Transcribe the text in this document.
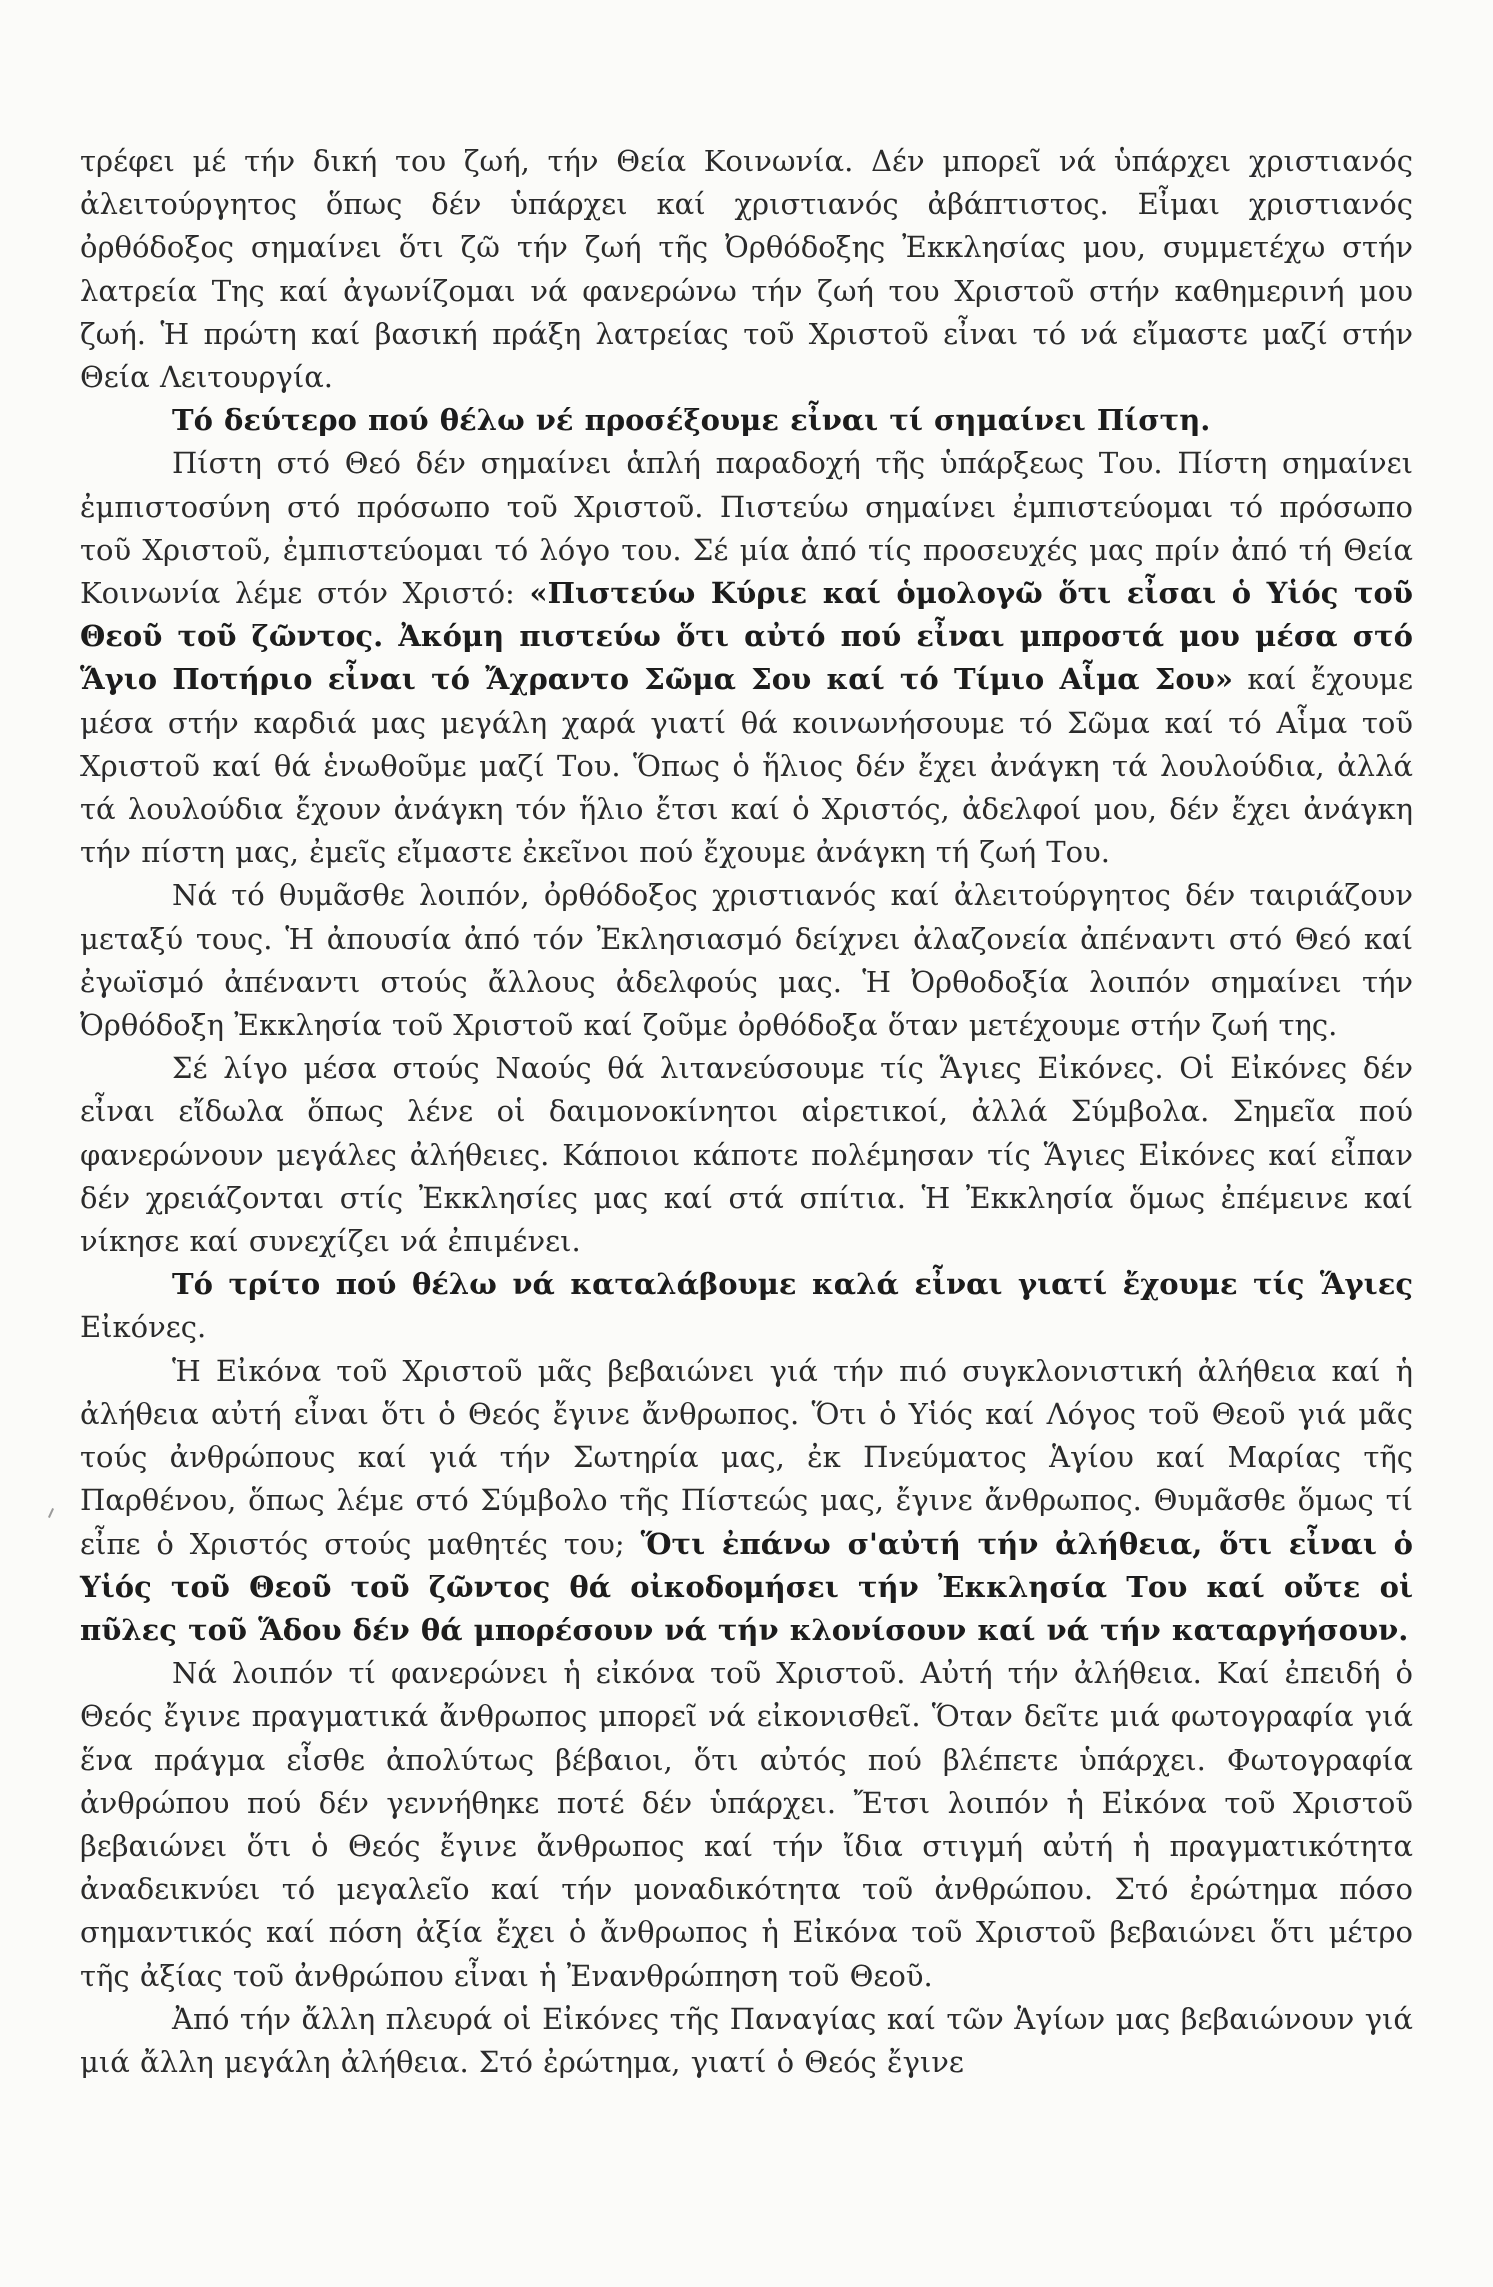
τρέφει μέ τήν δική του ζωή, τήν Θεία Κοινωνία. Δέν μπορεῖ νά ὑπάρχει χριστιανός ἀλειτούργητος ὅπως δέν ὑπάρχει καί χριστιανός ἀβάπτιστος. Εἶμαι χριστιανός ὀρθόδοξος σημαίνει ὅτι ζῶ τήν ζωή τῆς Ὀρθόδοξης Ἐκκλησίας μου, συμμετέχω στήν λατρεία Της καί ἀγωνίζομαι νά φανερώνω τήν ζωή του Χριστοῦ στήν καθημερινή μου ζωή. Ἡ πρώτη καί βασική πράξη λατρείας τοῦ Χριστοῦ εἶναι τό νά εἴμαστε μαζί στήν Θεία Λειτουργία.

Τό δεύτερο πού θέλω νέ προσέξουμε εἶναι τί σημαίνει Πίστη.

Πίστη στό Θεό δέν σημαίνει ἁπλή παραδοχή τῆς ὑπάρξεως Του. Πίστη σημαίνει ἐμπιστοσύνη στό πρόσωπο τοῦ Χριστοῦ. Πιστεύω σημαίνει ἐμπιστεύομαι τό πρόσωπο τοῦ Χριστοῦ, ἐμπιστεύομαι τό λόγο του. Σέ μία ἀπό τίς προσευχές μας πρίν ἀπό τή Θεία Κοινωνία λέμε στόν Χριστό: «Πιστεύω Κύριε καί ὁμολογῶ ὅτι εἶσαι ὁ Υἱός τοῦ Θεοῦ τοῦ ζῶντος. Ἀκόμη πιστεύω ὅτι αὐτό πού εἶναι μπροστά μου μέσα στό Ἅγιο Ποτήριο εἶναι τό Ἄχραντο Σῶμα Σου καί τό Τίμιο Αἷμα Σου» καί ἔχουμε μέσα στήν καρδιά μας μεγάλη χαρά γιατί θά κοινωνήσουμε τό Σῶμα καί τό Αἷμα τοῦ Χριστοῦ καί θά ἑνωθοῦμε μαζί Του. Ὅπως ὁ ἥλιος δέν ἔχει ἀνάγκη τά λουλούδια, ἀλλά τά λουλούδια ἔχουν ἀνάγκη τόν ἥλιο ἔτσι καί ὁ Χριστός, ἀδελφοί μου, δέν ἔχει ἀνάγκη τήν πίστη μας, ἐμεῖς εἴμαστε ἐκεῖνοι πού ἔχουμε ἀνάγκη τή ζωή Του.

Νά τό θυμᾶσθε λοιπόν, ὀρθόδοξος χριστιανός καί ἀλειτούργητος δέν ταιριάζουν μεταξύ τους. Ἡ ἀπουσία ἀπό τόν Ἐκλησιασμό δείχνει ἀλαζονεία ἀπέναντι στό Θεό καί ἐγωϊσμό ἀπέναντι στούς ἄλλους ἀδελφούς μας. Ἡ Ὀρθοδοξία λοιπόν σημαίνει τήν Ὀρθόδοξη Ἐκκλησία τοῦ Χριστοῦ καί ζοῦμε ὀρθόδοξα ὅταν μετέχουμε στήν ζωή της.

Σέ λίγο μέσα στούς Ναούς θά λιτανεύσουμε τίς Ἅγιες Εἰκόνες. Οἱ Εἰκόνες δέν εἶναι εἴδωλα ὅπως λένε οἱ δαιμονοκίνητοι αἱρετικοί, ἀλλά Σύμβολα. Σημεῖα πού φανερώνουν μεγάλες ἀλήθειες. Κάποιοι κάποτε πολέμησαν τίς Ἅγιες Εἰκόνες καί εἶπαν δέν χρειάζονται στίς Ἐκκλησίες μας καί στά σπίτια. Ἡ Ἐκκλησία ὅμως ἐπέμεινε καί νίκησε καί συνεχίζει νά ἐπιμένει.

Τό τρίτο πού θέλω νά καταλάβουμε καλά εἶναι γιατί ἔχουμε τίς Ἅγιες Εἰκόνες.

Ἡ Εἰκόνα τοῦ Χριστοῦ μᾶς βεβαιώνει γιά τήν πιό συγκλονιστική ἀλήθεια καί ἡ ἀλήθεια αὐτή εἶναι ὅτι ὁ Θεός ἔγινε ἄνθρωπος. Ὅτι ὁ Υἱός καί Λόγος τοῦ Θεοῦ γιά μᾶς τούς ἀνθρώπους καί γιά τήν Σωτηρία μας, ἐκ Πνεύματος Ἁγίου καί Μαρίας τῆς Παρθένου, ὅπως λέμε στό Σύμβολο τῆς Πίστεώς μας, ἔγινε ἄνθρωπος. Θυμᾶσθε ὅμως τί εἶπε ὁ Χριστός στούς μαθητές του; Ὅτι ἐπάνω σ'αὐτή τήν ἀλήθεια, ὅτι εἶναι ὁ Υἱός τοῦ Θεοῦ τοῦ ζῶντος θά οἰκοδομήσει τήν Ἐκκλησία Του καί οὔτε οἱ πῦλες τοῦ Ἅδου δέν θά μπορέσουν νά τήν κλονίσουν καί νά τήν καταργήσουν.

Νά λοιπόν τί φανερώνει ἡ εἰκόνα τοῦ Χριστοῦ. Αὐτή τήν ἀλήθεια. Καί ἐπειδή ὁ Θεός ἔγινε πραγματικά ἄνθρωπος μπορεῖ νά εἰκονισθεῖ. Ὅταν δεῖτε μιά φωτογραφία γιά ἕνα πράγμα εἶσθε ἀπολύτως βέβαιοι, ὅτι αὐτός πού βλέπετε ὑπάρχει. Φωτογραφία ἀνθρώπου πού δέν γεννήθηκε ποτέ δέν ὑπάρχει. Ἔτσι λοιπόν ἡ Εἰκόνα τοῦ Χριστοῦ βεβαιώνει ὅτι ὁ Θεός ἔγινε ἄνθρωπος καί τήν ἴδια στιγμή αὐτή ἡ πραγματικότητα ἀναδεικνύει τό μεγαλεῖο καί τήν μοναδικότητα τοῦ ἀνθρώπου. Στό ἐρώτημα πόσο σημαντικός καί πόση ἀξία ἔχει ὁ ἄνθρωπος ἡ Εἰκόνα τοῦ Χριστοῦ βεβαιώνει ὅτι μέτρο τῆς ἀξίας τοῦ ἀνθρώπου εἶναι ἡ Ἐνανθρώπηση τοῦ Θεοῦ.

Ἀπό τήν ἄλλη πλευρά οἱ Εἰκόνες τῆς Παναγίας καί τῶν Ἁγίων μας βεβαιώνουν γιά μιά ἄλλη μεγάλη ἀλήθεια. Στό ἐρώτημα, γιατί ὁ Θεός ἔγινε
